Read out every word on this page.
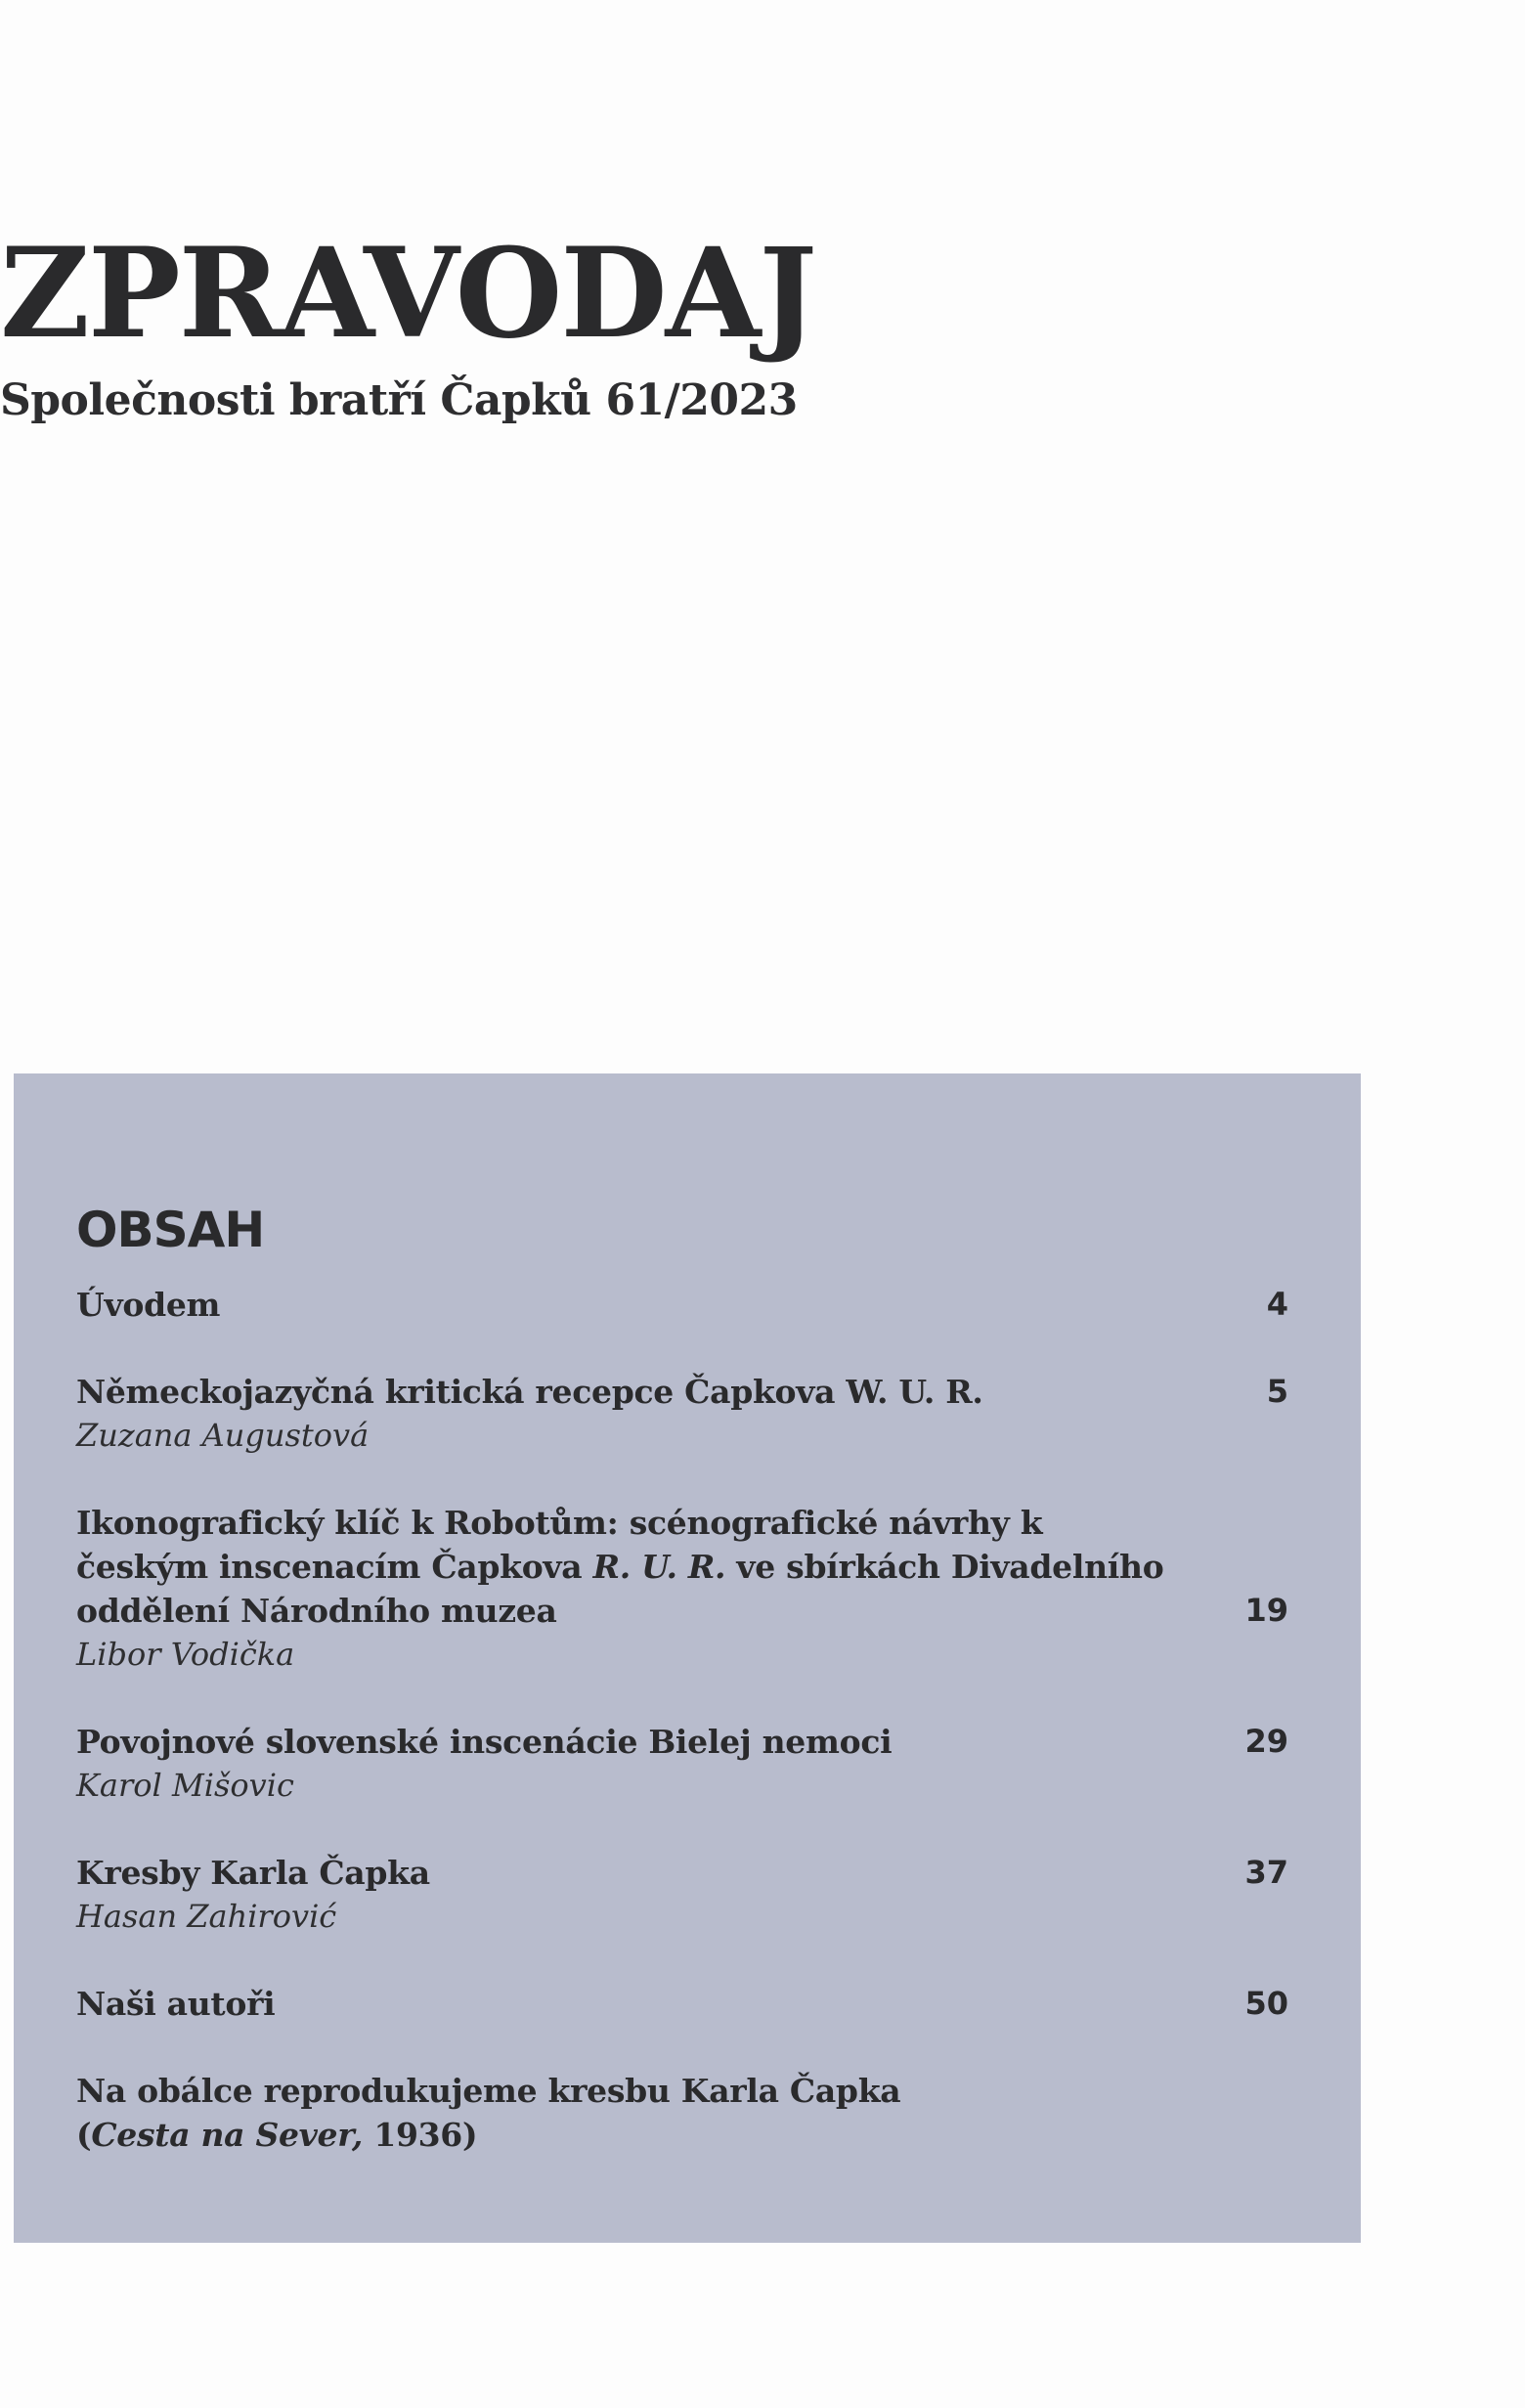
ZPRAVODAJ
Společnosti bratří Čapků 61/2023
OBSAH
Úvodem	4
Německojazyčná kritická recepce Čapkova W. U. R.
Zuzana Augustová
5
Ikonografický klíč k Robotům: scénografické návrhy k českým inscenacím Čapkova R. U. R. ve sbírkách Divadelního oddělení Národního muzea
Libor Vodička
19
Povojnové slovenské inscenácie Bielej nemoci
Karol Mišovic
29
Kresby Karla Čapka
Hasan Zahirović
37
Naši autoři	50
Na obálce reprodukujeme kresbu Karla Čapka
(Cesta na Sever, 1936)
